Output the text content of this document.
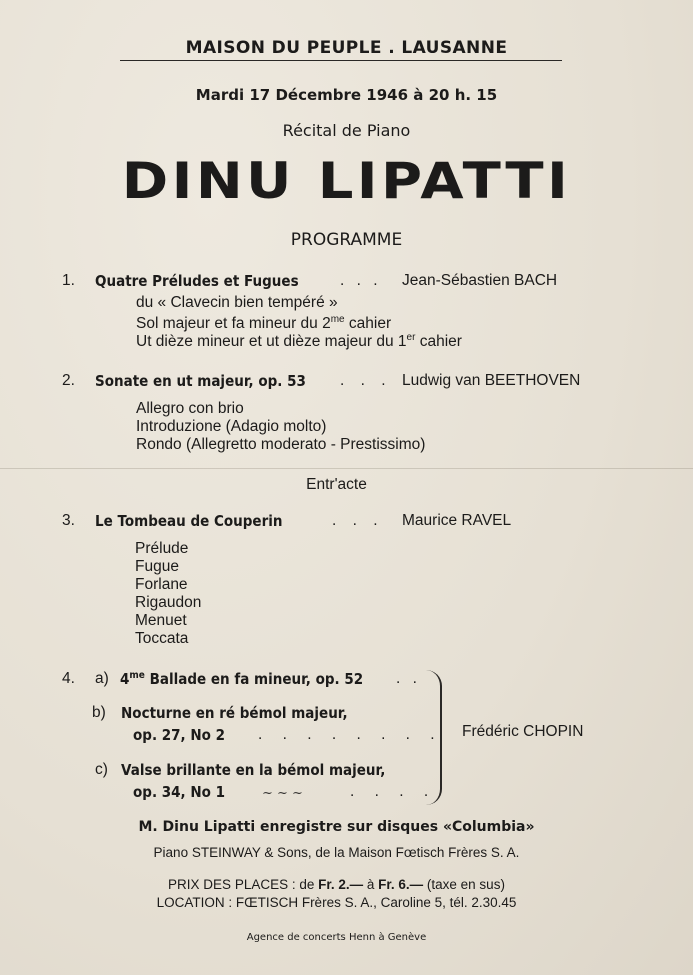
MAISON DU PEUPLE . LAUSANNE
Mardi 17 Décembre 1946 à 20 h. 15
Récital de Piano
DINU LIPATTI
PROGRAMME
1. Quatre Préludes et Fugues	. . . Jean-Sébastien BACH
du « Clavecin bien tempéré »
Sol majeur et fa mineur du $2^{me}$ cahier
Ut dièze mineur et ut dièze majeur du 1er cahier
2. Sonate en ut majeur, op. 53 . . . Ludwig van BEETHOVEN
Allegro con brio
Introduzione (Adagio molto)
Rondo (Allegretto moderato - Prestissimo)
Entr'acte
3. Le Tombeau de Couperin	. . . Maurice RAVEL
Prélude
Fugue
Forlane
Rigaudon
Menuet
Toccata
4. a) $4^{me}$ Ballade en fa mineur, op. 52 . .
b) Nocturne en ré bémol majeur,
op. 27, No 2 . . . . . . . .
c) Valse brillante en la bémol majeur,
op. 34, No 1	~ ~ ~	. . . .
Frédéric CHOPIN
M. Dinu Lipatti enregistre sur disques «Columbia»
Piano STEINWAY & Sons, de la Maison Fœtisch Frères S. A.
PRIX DES PLACES : de Fr. 2.— à Fr. 6.— (taxe en sus)
LOCATION : FŒTISCH Frères S. A., Caroline 5, tél. 2.30.45
Agence de concerts Henn à Genève
